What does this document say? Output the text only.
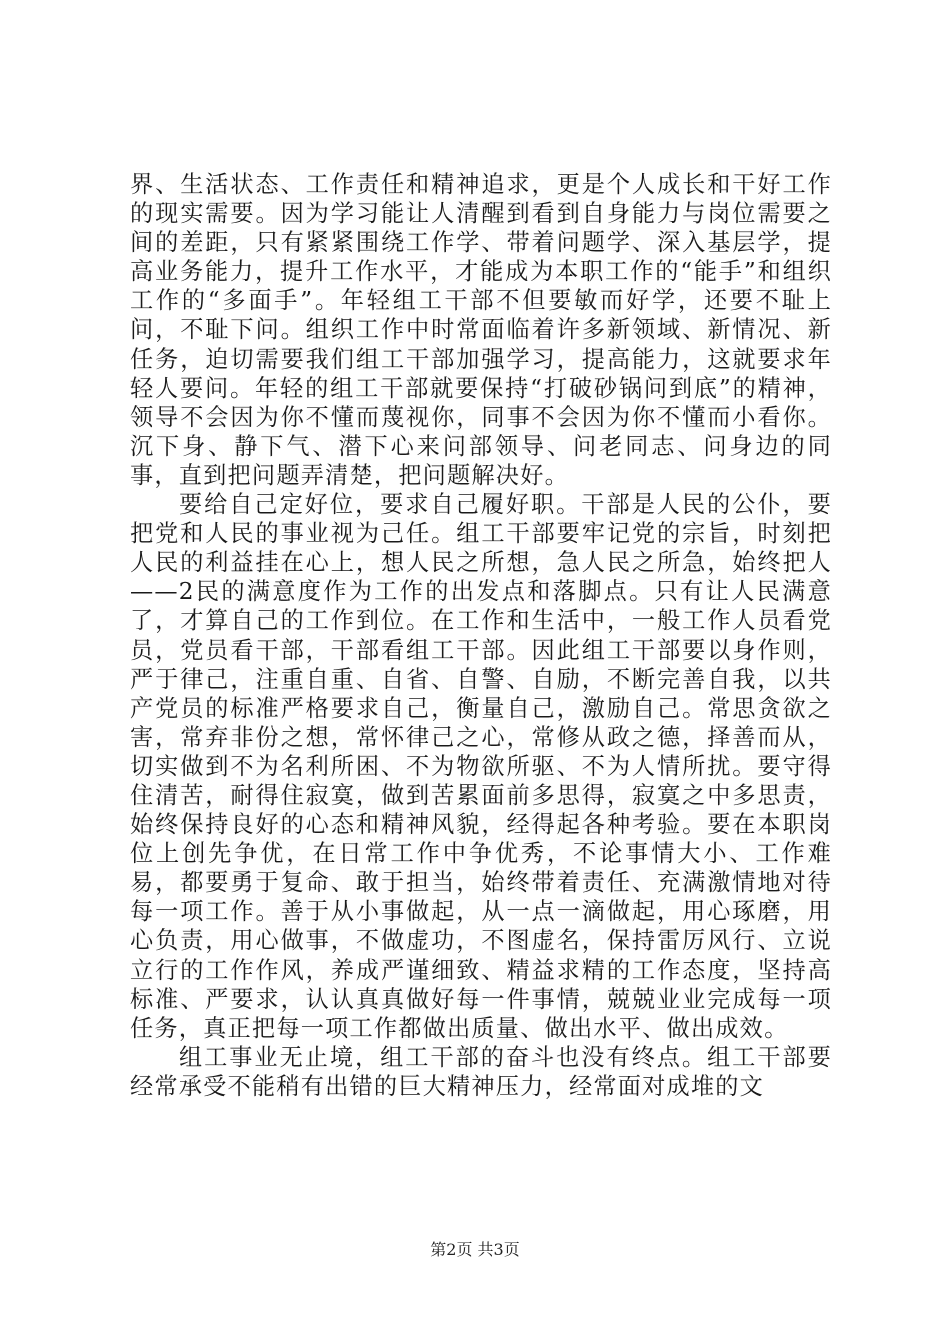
界、生活状态、工作责任和精神追求，更是个人成长和干好工作的现实需要。因为学习能让人清醒到看到自身能力与岗位需要之间的差距，只有紧紧围绕工作学、带着问题学、深入基层学，提高业务能力，提升工作水平，才能成为本职工作的“能手”和组织工作的“多面手”。年轻组工干部不但要敏而好学，还要不耻上问，不耻下问。组织工作中时常面临着许多新领域、新情况、新任务，迫切需要我们组工干部加强学习，提高能力，这就要求年轻人要问。年轻的组工干部就要保持“打破砂锅问到底”的精神，领导不会因为你不懂而蔑视你，同事不会因为你不懂而小看你。沉下身、静下气、潜下心来问部领导、问老同志、问身边的同事，直到把问题弄清楚，把问题解决好。

要给自己定好位，要求自己履好职。干部是人民的公仆，要把党和人民的事业视为己任。组工干部要牢记党的宗旨，时刻把人民的利益挂在心上，想人民之所想，急人民之所急，始终把人——2民的满意度作为工作的出发点和落脚点。只有让人民满意了，才算自己的工作到位。在工作和生活中，一般工作人员看党员，党员看干部，干部看组工干部。因此组工干部要以身作则，严于律己，注重自重、自省、自警、自励，不断完善自我，以共产党员的标准严格要求自己，衡量自己，激励自己。常思贪欲之害，常弃非份之想，常怀律己之心，常修从政之德，择善而从，切实做到不为名利所困、不为物欲所驱、不为人情所扰。要守得住清苦，耐得住寂寞，做到苦累面前多思得，寂寞之中多思责，始终保持良好的心态和精神风貌，经得起各种考验。要在本职岗位上创先争优，在日常工作中争优秀，不论事情大小、工作难易，都要勇于复命、敢于担当，始终带着责任、充满激情地对待每一项工作。善于从小事做起，从一点一滴做起，用心琢磨，用心负责，用心做事，不做虚功，不图虚名，保持雷厉风行、立说立行的工作作风，养成严谨细致、精益求精的工作态度，坚持高标准、严要求，认认真真做好每一件事情，兢兢业业完成每一项任务，真正把每一项工作都做出质量、做出水平、做出成效。

组工事业无止境，组工干部的奋斗也没有终点。组工干部要经常承受不能稍有出错的巨大精神压力，经常面对成堆的文

第2页 共3页
